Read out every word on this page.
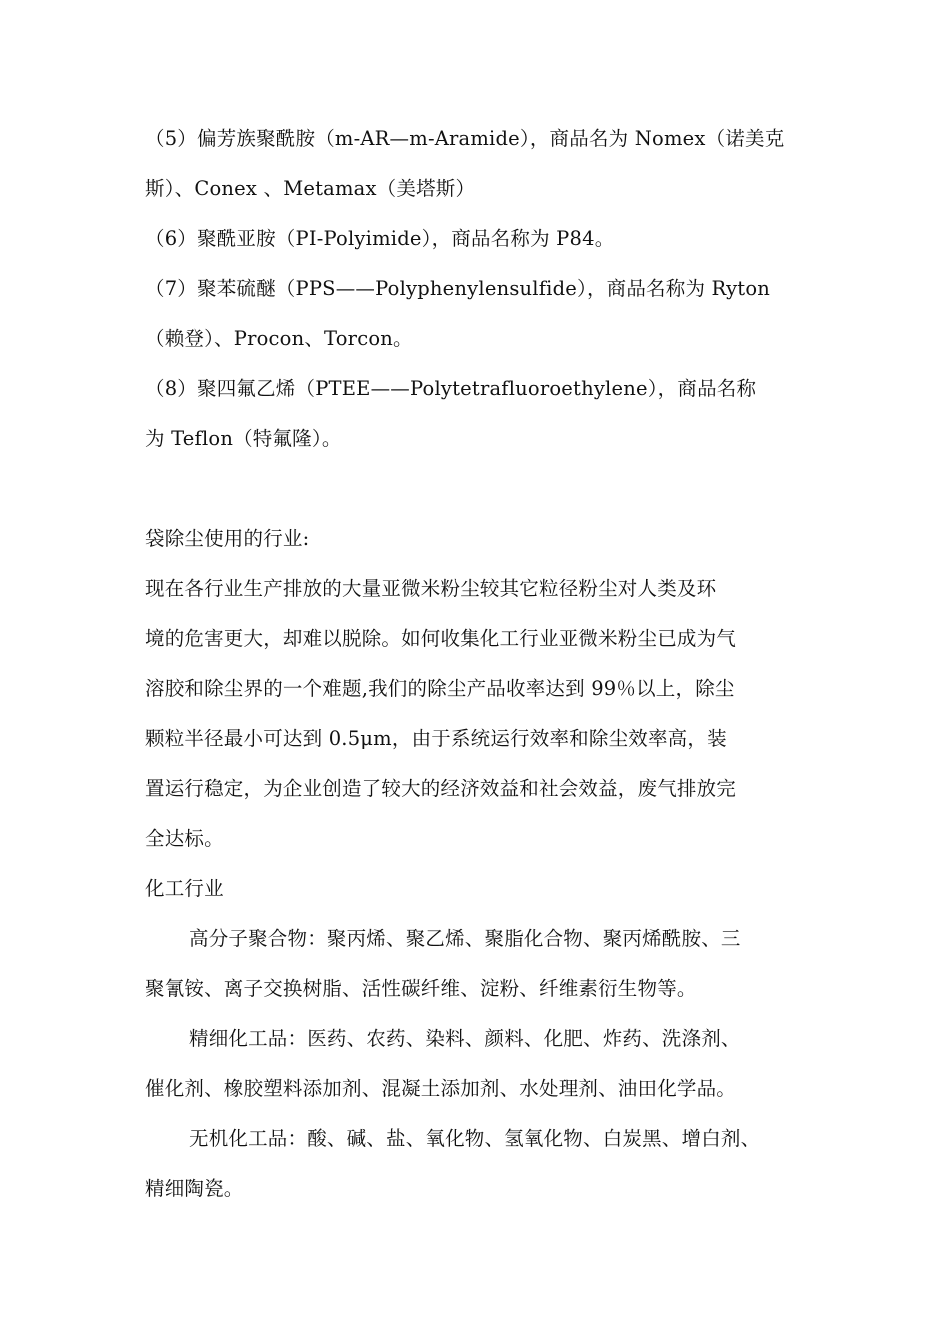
（5）偏芳族聚酰胺（m-AR—m-Aramide），商品名为 Nomex（诺美克
斯）、Conex 、Metamax（美塔斯）
（6）聚酰亚胺（PI-Polyimide），商品名称为 P84。
（7）聚苯硫醚（PPS——Polyphenylensulfide），商品名称为 Ryton
（赖登）、Procon、Torcon。
（8）聚四氟乙烯（PTEE——Polytetrafluoroethylene），商品名称
为 Teflon（特氟隆）。
袋除尘使用的行业:
现在各行业生产排放的大量亚微米粉尘较其它粒径粉尘对人类及环
境的危害更大，却难以脱除。如何收集化工行业亚微米粉尘已成为气
溶胶和除尘界的一个难题,我们的除尘产品收率达到 99％以上，除尘
颗粒半径最小可达到 0.5μm，由于系统运行效率和除尘效率高，装
置运行稳定，为企业创造了较大的经济效益和社会效益，废气排放完
全达标。
化工行业
高分子聚合物：聚丙烯、聚乙烯、聚脂化合物、聚丙烯酰胺、三
聚氰铵、离子交换树脂、活性碳纤维、淀粉、纤维素衍生物等。
精细化工品：医药、农药、染料、颜料、化肥、炸药、洗涤剂、
催化剂、橡胶塑料添加剂、混凝土添加剂、水处理剂、油田化学品。
无机化工品：酸、碱、盐、氧化物、氢氧化物、白炭黑、增白剂、
精细陶瓷。
